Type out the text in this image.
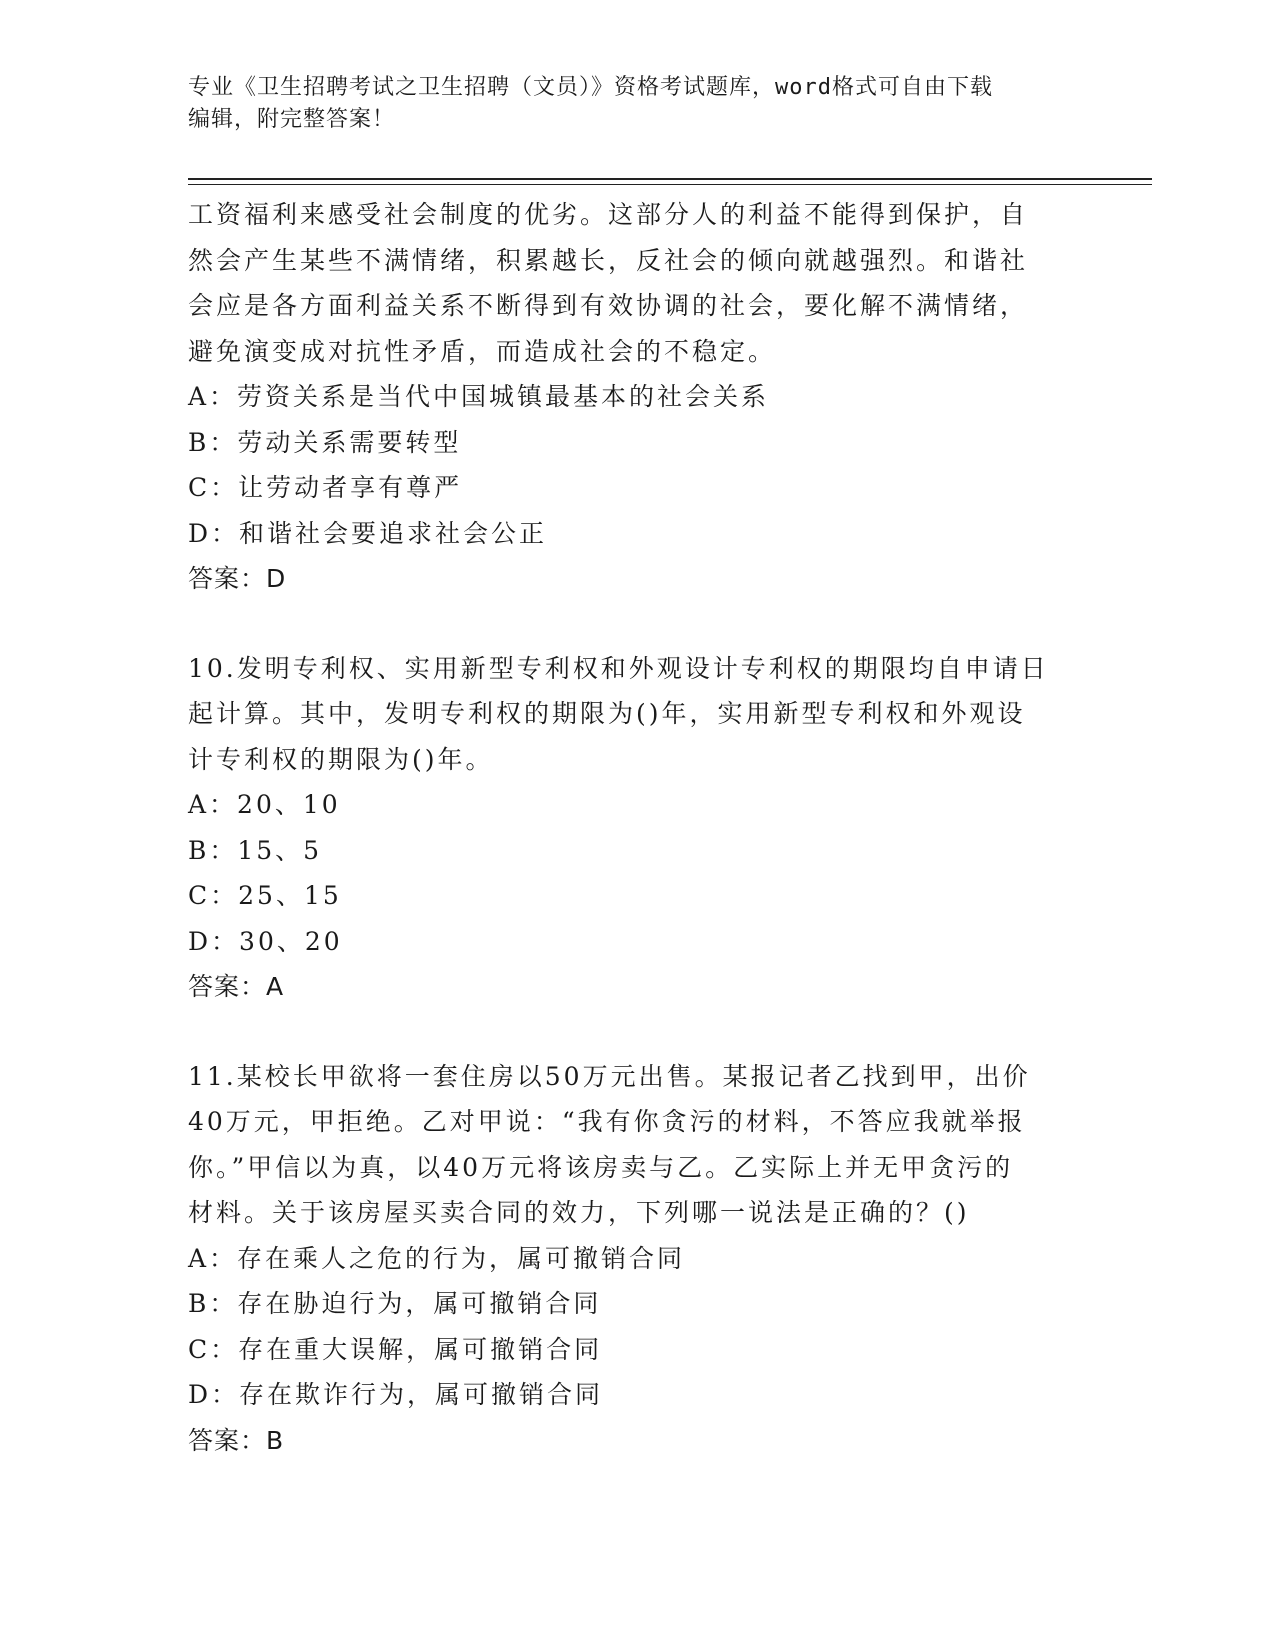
专业《卫生招聘考试之卫生招聘（文员）》资格考试题库，word格式可自由下载
编辑，附完整答案！
工资福利来感受社会制度的优劣。这部分人的利益不能得到保护，自
然会产生某些不满情绪，积累越长，反社会的倾向就越强烈。和谐社
会应是各方面利益关系不断得到有效协调的社会，要化解不满情绪，
避免演变成对抗性矛盾，而造成社会的不稳定。
A：劳资关系是当代中国城镇最基本的社会关系
B：劳动关系需要转型
C：让劳动者享有尊严
D：和谐社会要追求社会公正
答案：D
10.发明专利权、实用新型专利权和外观设计专利权的期限均自申请日
起计算。其中，发明专利权的期限为()年，实用新型专利权和外观设
计专利权的期限为()年。
A：20、10
B：15、5
C：25、15
D：30、20
答案：A
11.某校长甲欲将一套住房以50万元出售。某报记者乙找到甲，出价
40万元，甲拒绝。乙对甲说：“我有你贪污的材料，不答应我就举报
你。”甲信以为真，以40万元将该房卖与乙。乙实际上并无甲贪污的
材料。关于该房屋买卖合同的效力，下列哪一说法是正确的？()
A：存在乘人之危的行为，属可撤销合同
B：存在胁迫行为，属可撤销合同
C：存在重大误解，属可撤销合同
D：存在欺诈行为，属可撤销合同
答案：B
